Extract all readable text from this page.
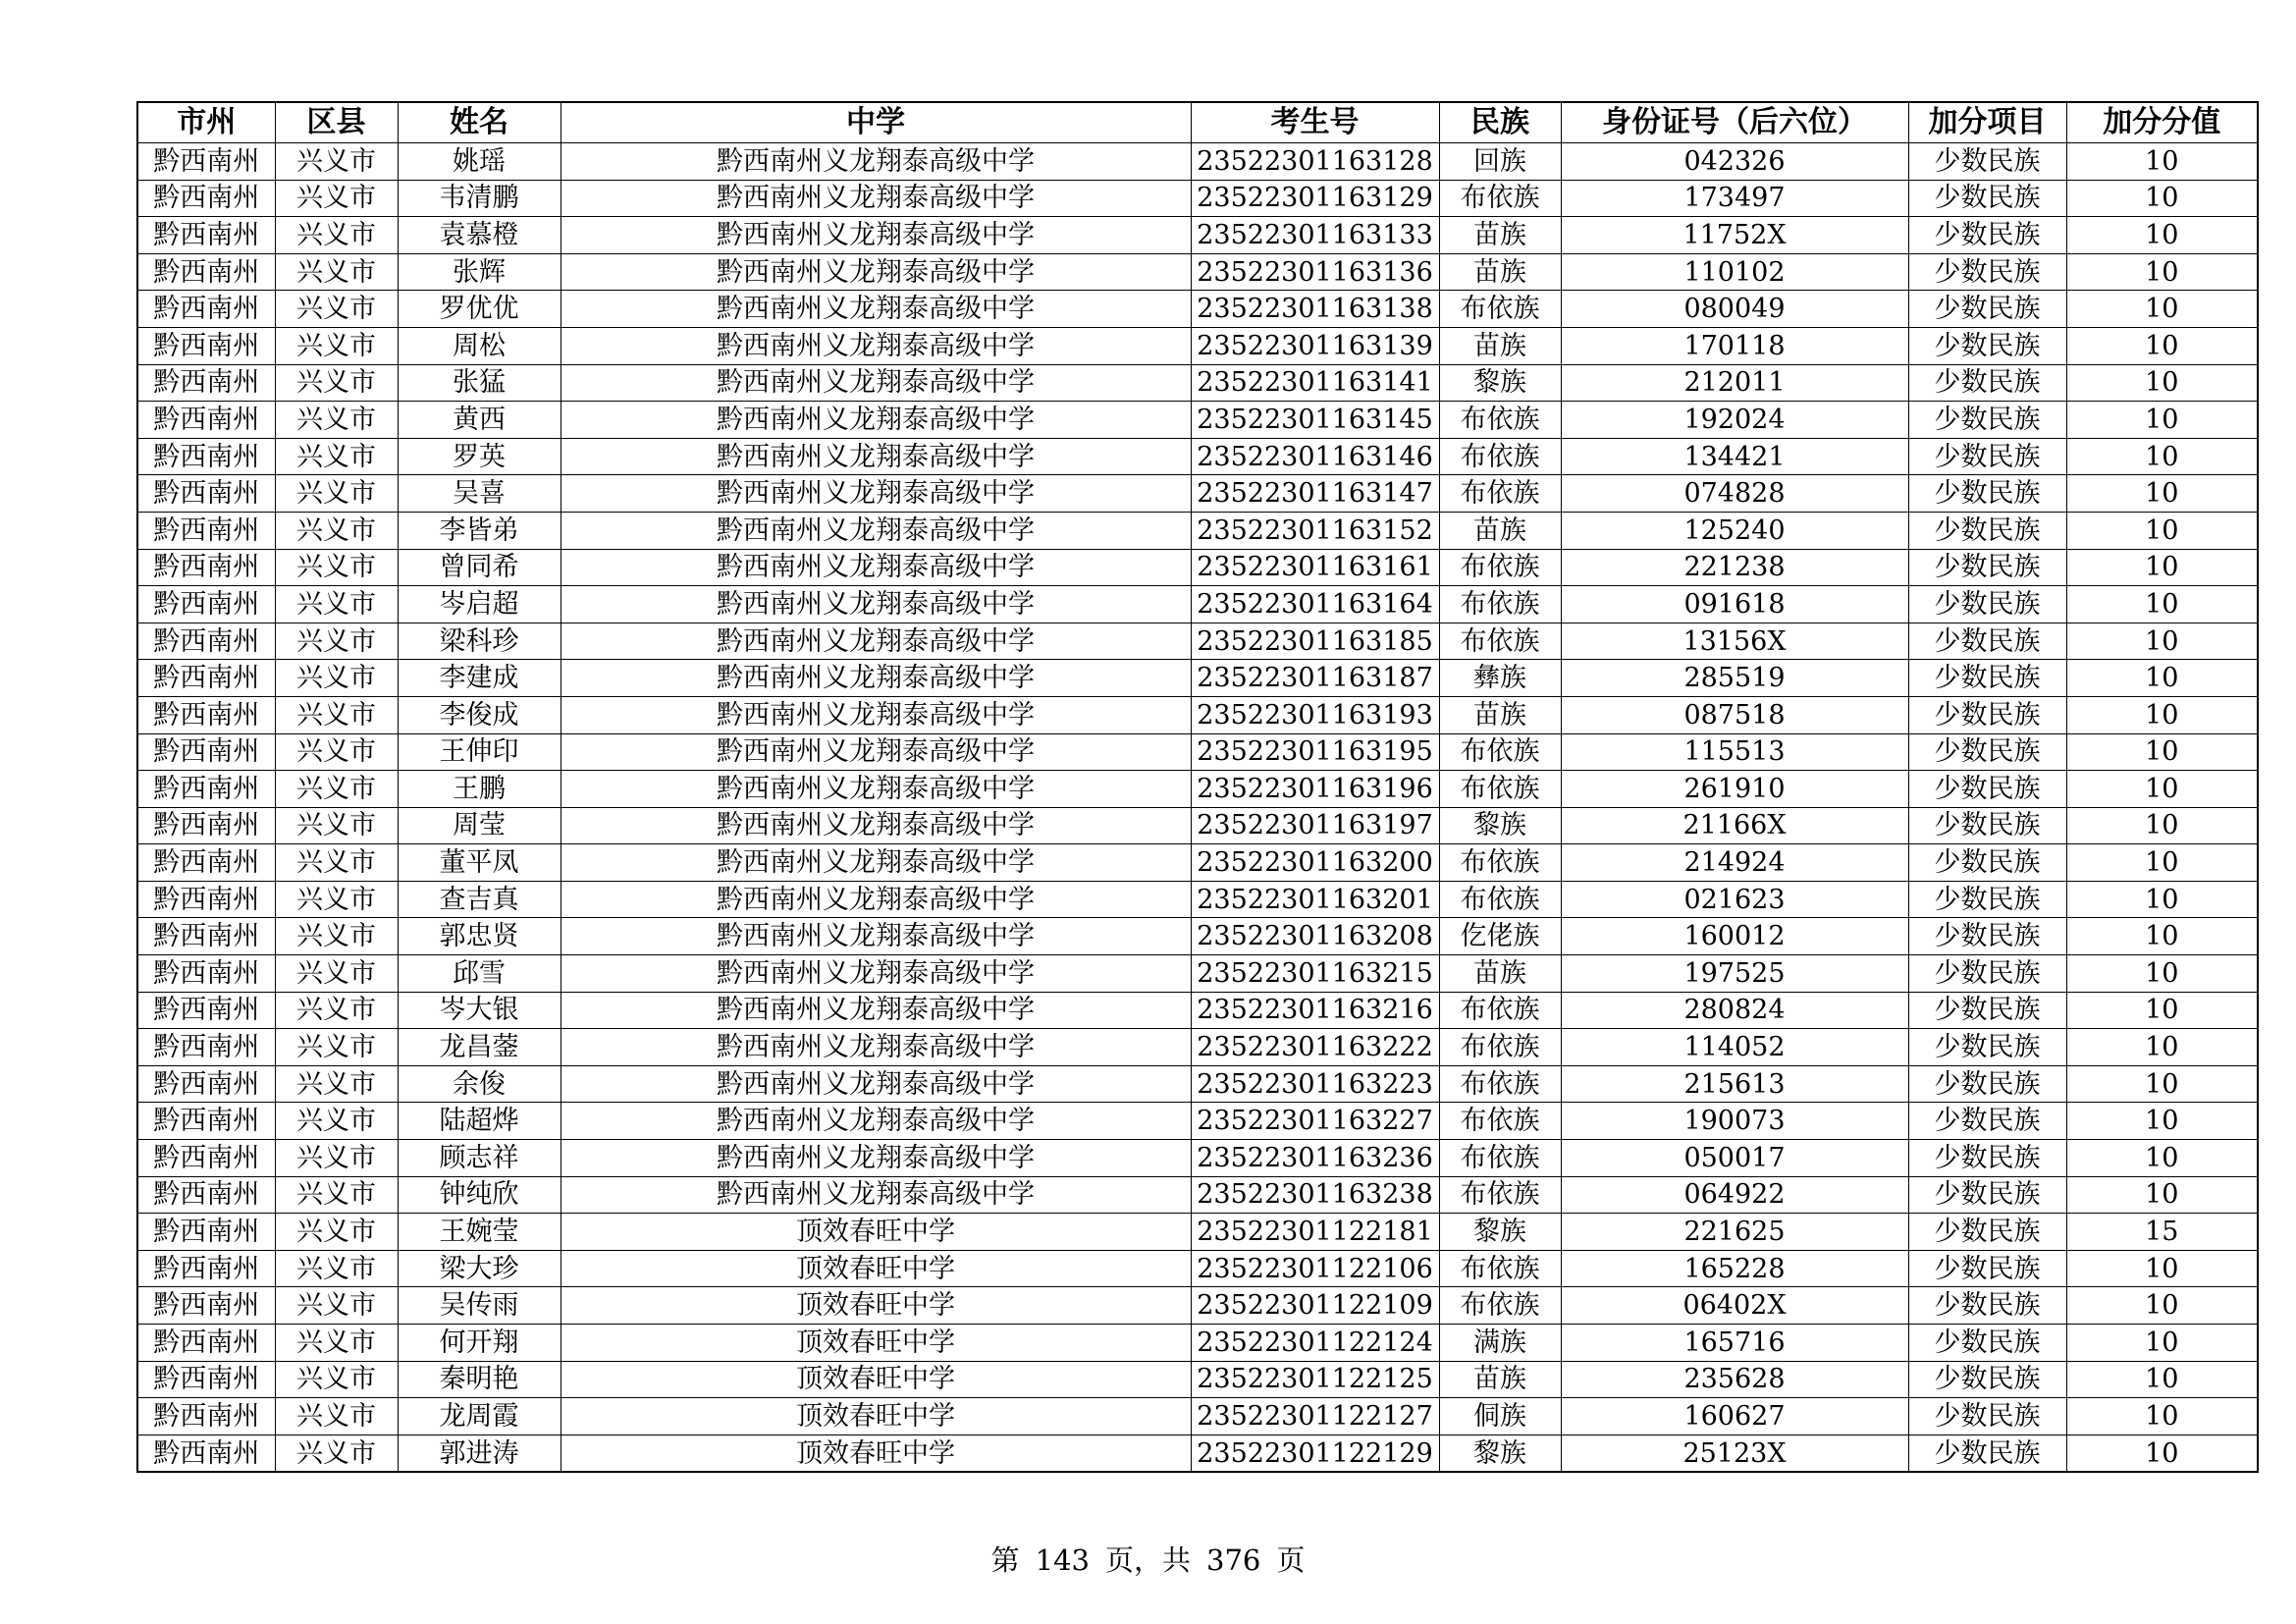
市州	区县	姓名	中学	考生号	民族	身份证号（后六位）	加分项目	加分分值
黔西南州	兴义市	姚瑶	黔西南州义龙翔泰高级中学	23522301163128	回族	042326	少数民族	10
黔西南州	兴义市	韦清鹏	黔西南州义龙翔泰高级中学	23522301163129	布依族	173497	少数民族	10
黔西南州	兴义市	袁慕橙	黔西南州义龙翔泰高级中学	23522301163133	苗族	11752X	少数民族	10
黔西南州	兴义市	张辉	黔西南州义龙翔泰高级中学	23522301163136	苗族	110102	少数民族	10
黔西南州	兴义市	罗优优	黔西南州义龙翔泰高级中学	23522301163138	布依族	080049	少数民族	10
黔西南州	兴义市	周松	黔西南州义龙翔泰高级中学	23522301163139	苗族	170118	少数民族	10
黔西南州	兴义市	张猛	黔西南州义龙翔泰高级中学	23522301163141	黎族	212011	少数民族	10
黔西南州	兴义市	黄西	黔西南州义龙翔泰高级中学	23522301163145	布依族	192024	少数民族	10
黔西南州	兴义市	罗英	黔西南州义龙翔泰高级中学	23522301163146	布依族	134421	少数民族	10
黔西南州	兴义市	吴喜	黔西南州义龙翔泰高级中学	23522301163147	布依族	074828	少数民族	10
黔西南州	兴义市	李皆弟	黔西南州义龙翔泰高级中学	23522301163152	苗族	125240	少数民族	10
黔西南州	兴义市	曾同希	黔西南州义龙翔泰高级中学	23522301163161	布依族	221238	少数民族	10
黔西南州	兴义市	岑启超	黔西南州义龙翔泰高级中学	23522301163164	布依族	091618	少数民族	10
黔西南州	兴义市	梁科珍	黔西南州义龙翔泰高级中学	23522301163185	布依族	13156X	少数民族	10
黔西南州	兴义市	李建成	黔西南州义龙翔泰高级中学	23522301163187	彝族	285519	少数民族	10
黔西南州	兴义市	李俊成	黔西南州义龙翔泰高级中学	23522301163193	苗族	087518	少数民族	10
黔西南州	兴义市	王伸印	黔西南州义龙翔泰高级中学	23522301163195	布依族	115513	少数民族	10
黔西南州	兴义市	王鹏	黔西南州义龙翔泰高级中学	23522301163196	布依族	261910	少数民族	10
黔西南州	兴义市	周莹	黔西南州义龙翔泰高级中学	23522301163197	黎族	21166X	少数民族	10
黔西南州	兴义市	董平凤	黔西南州义龙翔泰高级中学	23522301163200	布依族	214924	少数民族	10
黔西南州	兴义市	查吉真	黔西南州义龙翔泰高级中学	23522301163201	布依族	021623	少数民族	10
黔西南州	兴义市	郭忠贤	黔西南州义龙翔泰高级中学	23522301163208	仡佬族	160012	少数民族	10
黔西南州	兴义市	邱雪	黔西南州义龙翔泰高级中学	23522301163215	苗族	197525	少数民族	10
黔西南州	兴义市	岑大银	黔西南州义龙翔泰高级中学	23522301163216	布依族	280824	少数民族	10
黔西南州	兴义市	龙昌蓥	黔西南州义龙翔泰高级中学	23522301163222	布依族	114052	少数民族	10
黔西南州	兴义市	余俊	黔西南州义龙翔泰高级中学	23522301163223	布依族	215613	少数民族	10
黔西南州	兴义市	陆超烨	黔西南州义龙翔泰高级中学	23522301163227	布依族	190073	少数民族	10
黔西南州	兴义市	顾志祥	黔西南州义龙翔泰高级中学	23522301163236	布依族	050017	少数民族	10
黔西南州	兴义市	钟纯欣	黔西南州义龙翔泰高级中学	23522301163238	布依族	064922	少数民族	10
黔西南州	兴义市	王婉莹	顶效春旺中学	23522301122181	黎族	221625	少数民族	15
黔西南州	兴义市	梁大珍	顶效春旺中学	23522301122106	布依族	165228	少数民族	10
黔西南州	兴义市	吴传雨	顶效春旺中学	23522301122109	布依族	06402X	少数民族	10
黔西南州	兴义市	何开翔	顶效春旺中学	23522301122124	满族	165716	少数民族	10
黔西南州	兴义市	秦明艳	顶效春旺中学	23522301122125	苗族	235628	少数民族	10
黔西南州	兴义市	龙周霞	顶效春旺中学	23522301122127	侗族	160627	少数民族	10
黔西南州	兴义市	郭进涛	顶效春旺中学	23522301122129	黎族	25123X	少数民族	10
第 143 页，共 376 页
